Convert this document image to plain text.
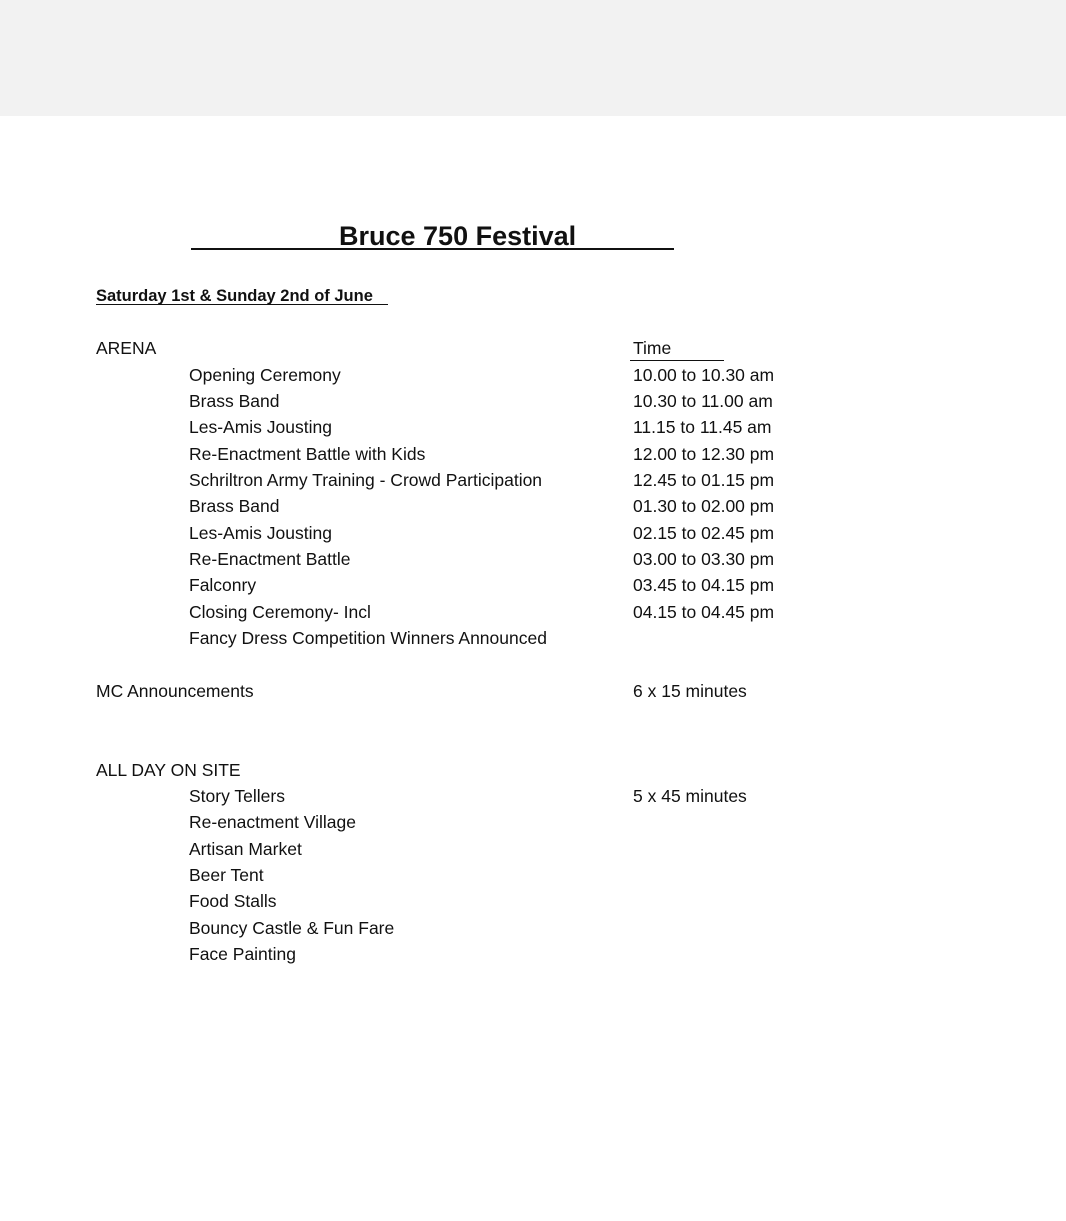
Bruce 750 Festival
Saturday 1st & Sunday 2nd of June
ARENA	Time
Opening Ceremony
Brass Band
Les-Amis Jousting
Re-Enactment Battle with Kids
Schriltron Army Training - Crowd Participation
Brass Band
Les-Amis Jousting
Re-Enactment Battle
Falconry
Closing Ceremony- Incl
Fancy Dress Competition Winners Announced
10.00 to 10.30 am
10.30 to 11.00 am
11.15 to 11.45 am
12.00 to 12.30 pm
12.45 to 01.15 pm
01.30 to 02.00 pm
02.15 to 02.45 pm
03.00 to 03.30 pm
03.45 to 04.15 pm
04.15 to 04.45 pm
MC Announcements	6 x 15 minutes
ALL DAY ON SITE
Story Tellers
Re-enactment Village
Artisan Market
Beer Tent
Food Stalls
Bouncy Castle & Fun Fare
Face Painting
5 x 45 minutes
